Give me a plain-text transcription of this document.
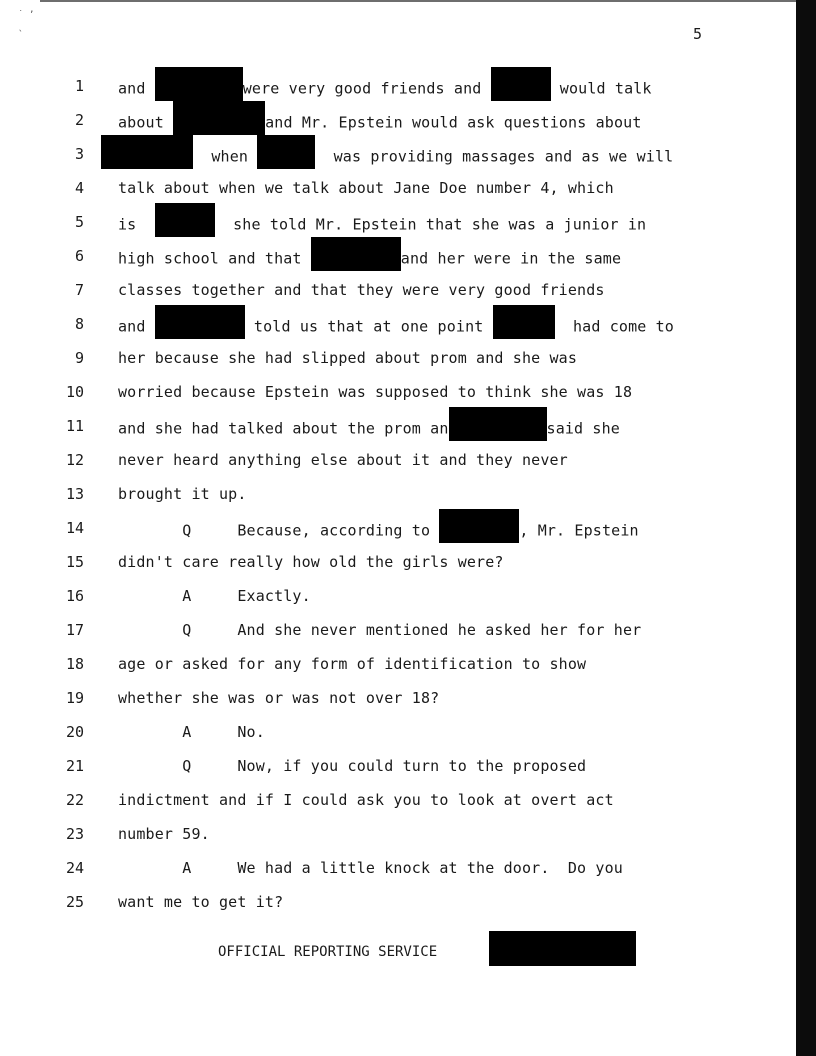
˙ ʼ

`	5
1 and	were very good friends and	would talk
2 about	and Mr. Epstein would ask questions about
3	when	was providing massages and as we will
4 talk about when we talk about Jane Doe number 4, which
5 is	she told Mr. Epstein that she was a junior in
6 high school and that	and her were in the same
7 classes together and that they were very good friends
8 and	told us that at one point	had come to
9 her because she had slipped about prom and she was
10 worried because Epstein was supposed to think she was 18
11 and she had talked about the prom an	said she
12 never heard anything else about it and they never
13 brought it up.
14 Q     Because, according to	, Mr. Epstein
15 didn't care really how old the girls were?
16 A     Exactly.
17 Q     And she never mentioned he asked her for her
18 age or asked for any form of identification to show
19 whether she was or was not over 18?
20 A     No.
21 Q     Now, if you could turn to the proposed
22 indictment and if I could ask you to look at overt act
23 number 59.
24 A     We had a little knock at the door.  Do you
25 want me to get it?
OFFICIAL REPORTING SERVICE
